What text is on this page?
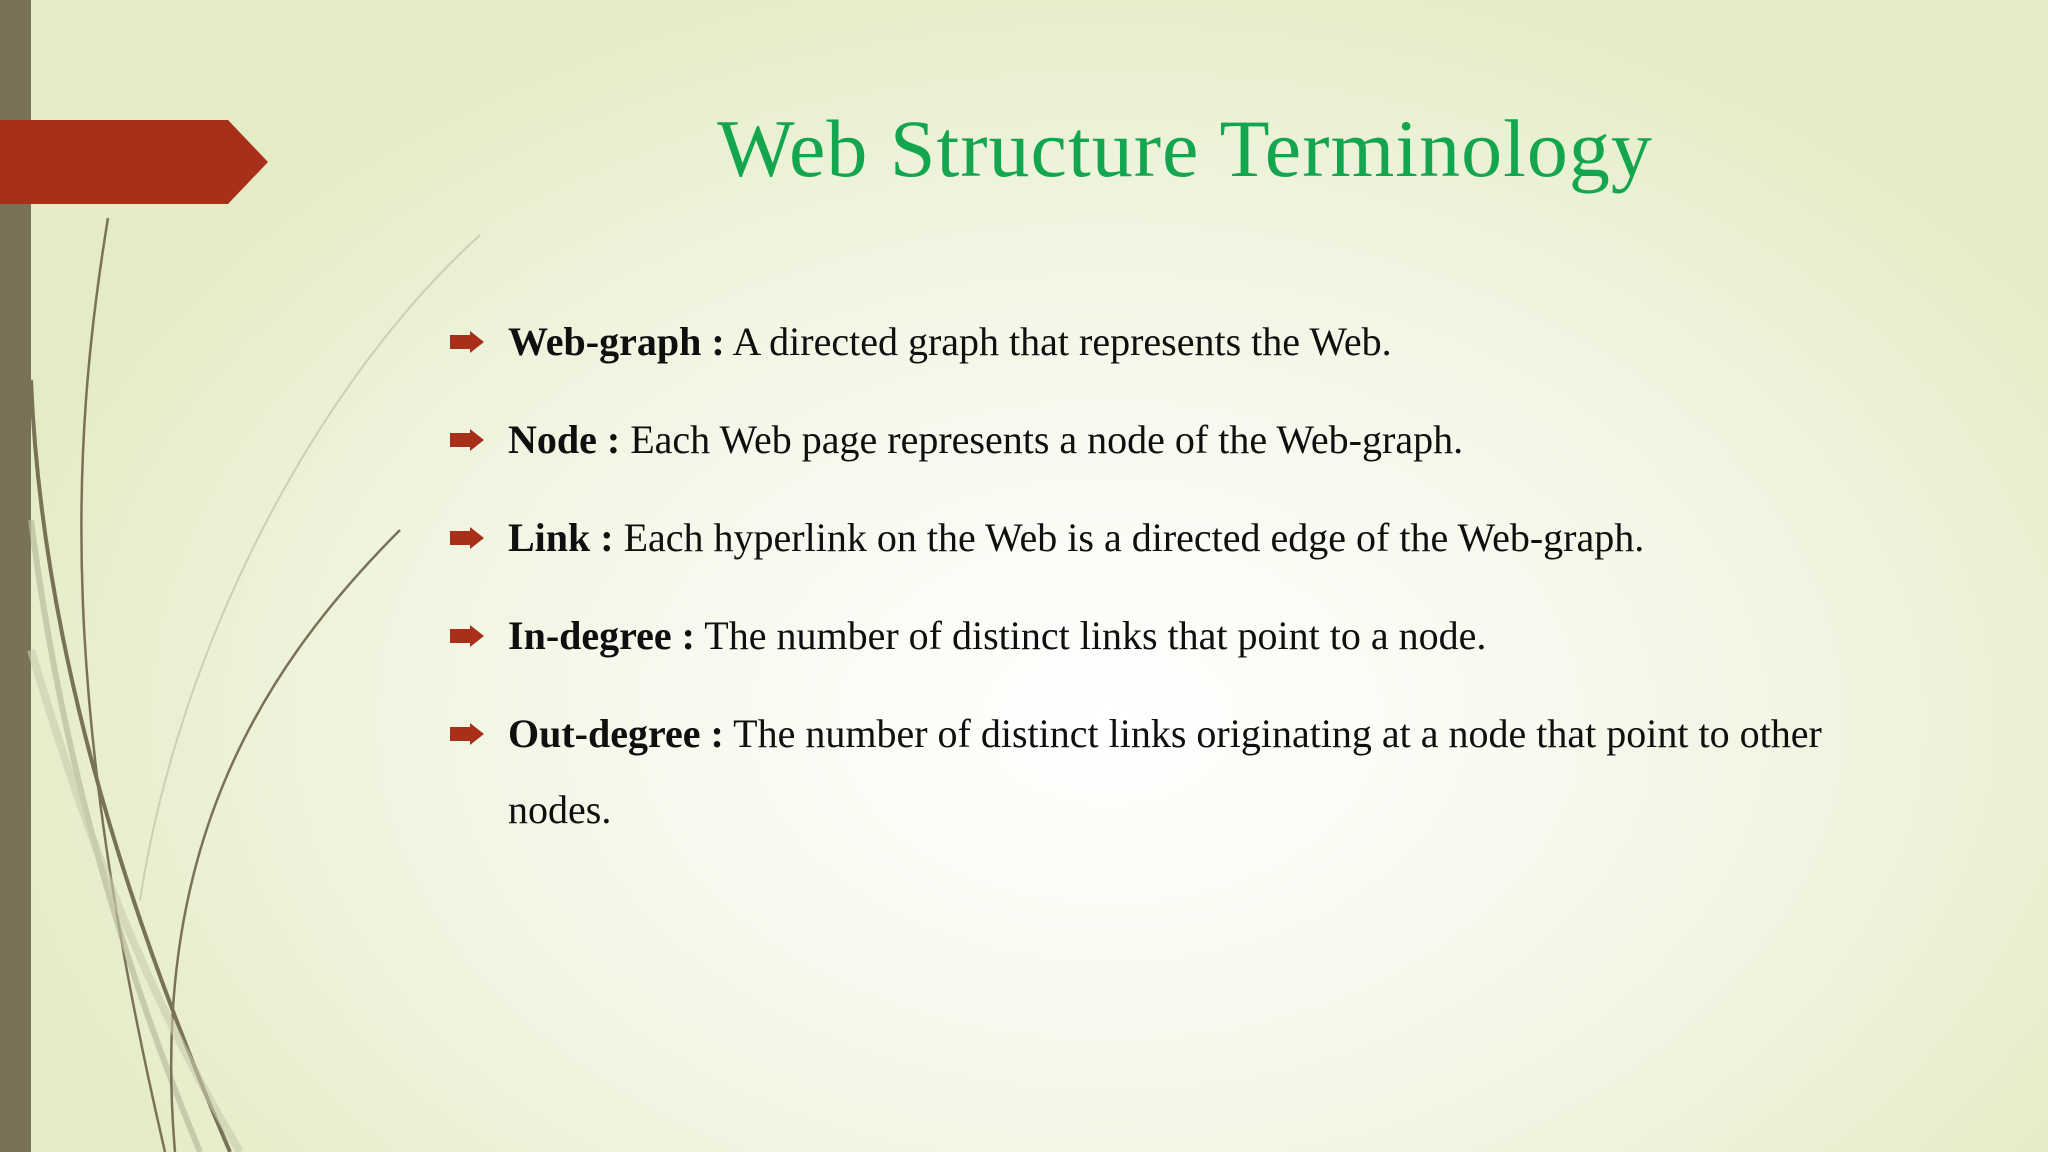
Web Structure Terminology
Web-graph : A directed graph that represents the Web.
Node : Each Web page represents a node of the Web-graph.
Link : Each hyperlink on the Web is a directed edge of the Web-graph.
In-degree : The number of distinct links that point to a node.
Out-degree : The number of distinct links originating at a node that point to other nodes.
